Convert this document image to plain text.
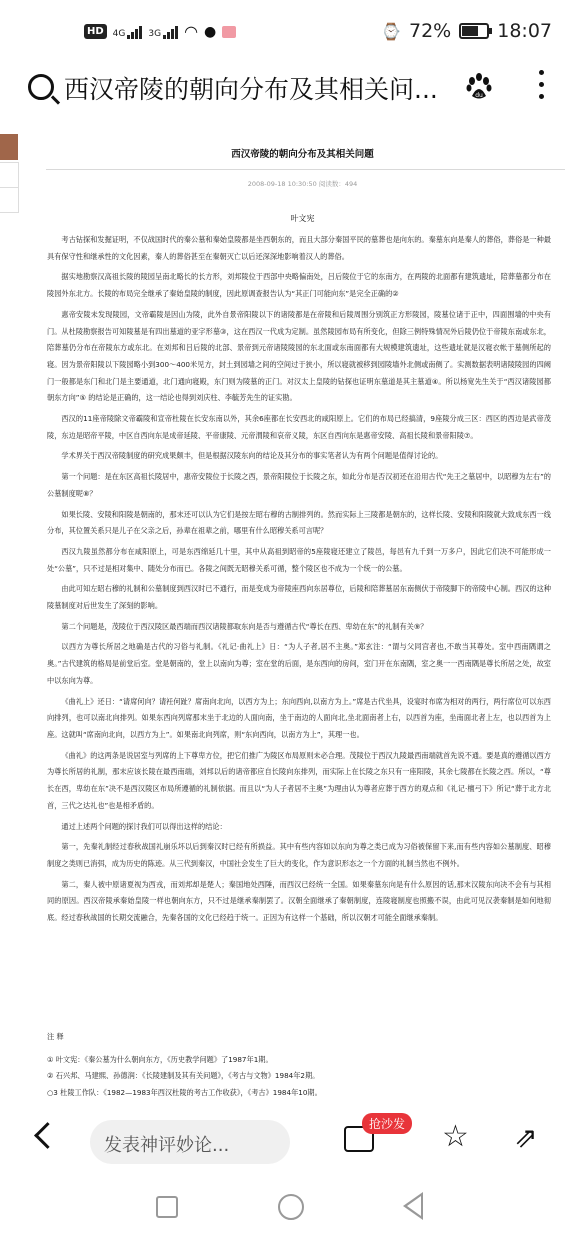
HD	4G	3G ◠ ●	⌚ 72% 18:07
西汉帝陵的朝向分布及其相关问...	du
西汉帝陵的朝向分布及其相关问题
2008-09-18 10:30:50 阅读数：494
叶文宪

考古钻探和发掘证明，不仅战国时代的秦公墓和秦始皇陵都是坐西朝东的，而且大部分秦国平民的墓葬也是向东的。秦墓东向是秦人的葬俗，葬俗是一种最具有保守性和继承性的文化因素，秦人的葬俗甚至在秦朝灭亡以后还深深地影响着汉人的葬俗。

据实地勘察汉高祖长陵的陵园呈南北略长的长方形，刘邦陵位于西部中央略偏南处，吕后陵位于它的东南方，在两陵的北面都有建筑遗址，陪葬墓都分布在陵园外东北方。长陵的布局完全继承了秦始皇陵的制度，因此原调查报告认为“其正门可能向东”是完全正确的②

惠帝安陵未发现陵园，文帝霸陵是因山为陵，此外自景帝阳陵以下的诸陵都是在帝陵和后陵周围分别筑正方形陵园，陵墓位诸于正中，四面围墙的中央有门。从杜陵勘察报告可知陵墓是有四出墓道的亚字形墓③，这在西汉一代成为定制。虽然陵园布局有所变化，但除三例特殊情况外后陵仍位于帝陵东南或东北，陪葬墓仍分布在帝陵东方或东北。在刘邦和吕后陵的北部、景帝到元帝诸陵陵园的东北面或东南面都有大规模建筑遗址，这些遗址就是汉寝衣帐于墓侧所起的寝。因为景帝阳陵以下陵园略小到300～400米见方，封土到园墙之间的空间过于狭小，所以寝就被移到园陵墙外北侧或南侧了。实测数据表明诸陵陵园的四阙门一般都是东门和北门是主要通道，北门通向寝殿，东门则为陵墓的正门。对汉太上皇陵的钻探也证明东墓道是其主墓道④。所以杨宽先生关于“西汉诸陵园都朝东方向”⑤ 的结论是正确的，这一结论也得到刘庆柱、李毓芳先生的证实勘。

西汉的11座帝陵除文帝霸陵和宣帝杜陵在长安东南以外，其余6座都在长安西北的咸阳原上。它们的布局已经搞清，9座陵分成三区：西区的西边是武帝茂陵，东边是昭帝平陵，中区自西向东是成帝延陵、平帝康陵、元帝渭陵和哀帝义陵，东区自西向东是惠帝安陵、高祖长陵和景帝阳陵⑦。

学术界关于西汉帝陵制度的研究成果颇丰，但是根据汉陵东向的结论及其分布的事实笔者认为有两个问题是值得讨论的。

第一个问题：是在东区高祖长陵居中，惠帝安陵位于长陵之西，景帝阳陵位于长陵之东，如此分布是否汉初还在沿用古代“先王之墓居中，以昭穆为左右”的公墓制度呢⑧？

如果长陵、安陵和阳陵是朝南的，那末还可以认为它们是按左昭右穆的古制排列的。然而实际上三陵都是朝东的，这样长陵、安陵和阳陵就大致成东西一线分布，其位置关系只是儿子在父亲之后，孙辈在祖辈之前，哪里有什么昭穆关系可言呢？

西汉九陵虽然都分布在咸阳原上，可是东西绵延几十里，其中从高祖到昭帝的5座陵寝还建立了陵邑，每邑有九千到一万多户，因此它们决不可能形成一处“公墓”，只不过是相对集中、随处分布而已。各陵之间既无昭穆关系可循，整个陵区也不成为一个统一的公墓。

由此可知左昭右穆的礼制和公墓制度到西汉时已不通行，而是变成为帝陵座西向东居尊位，后陵和陪葬墓居东南侧伏于帝陵脚下的帝陵中心制。西汉的这种陵墓制度对后世发生了深刻的影响。

第二个问题是，茂陵位于西汉陵区最西端而西汉诸陵都取东向是否与遵循古代“尊长在西、卑幼在东”的礼制有关⑨？

以西方为尊长所居之地确是古代的习俗与礼制。《礼记·曲礼上》日：“为人子者,居不主奥。”郑玄注：“谓与父同宫者也,不敢当其尊处。室中西南隅谓之奥。”古代建筑的格局是前堂后室。堂是朝南的，堂上以南向为尊；室在堂的后面，是东西向的房间，室门开在东南隅，室之奥一一西南隅是尊长所居之处，故室中以东向为尊。

《曲礼上》还日：“请席何向？请衽何趾？席南向北向，以西方为上；东向西向,以南方为上。”席是古代坐具，设宴时布席为相对的两行，两行席位可以东西向排列，也可以南北向排列。如果东西向列席那末坐于北边的人面向南，坐于南边的人面向北,坐北面南者上右，以西首为座，坐南面北者上左，也以西首为上座。这就叫“席南向北向，以西方为上”。如果南北向列席，则“东向西向，以南方为上”，其理一也。

《曲礼》的这两条是说居室与列席的上下尊卑方位，把它们推广为陵区布局原则未必合理。茂陵位于西汉九陵最西南端就首先说不通。要是真的遵循以西方为尊长所居的礼制，那末应该长陵在最西南端，刘邦以后的诸帝都应自长陵向东排列，而实际上在长陵之东只有一座阳陵，其余七陵都在长陵之西。所以，“尊长在西，卑幼在东”决不是西汉陵区布局所遵循的礼制依据。而且以“为人子者居不主奥”为理由认为尊者应葬于西方的观点和《礼记·檀弓下》所记“葬于北方北首，三代之达礼也”也是相矛盾的。

通过上述两个问题的探讨我们可以得出这样的结论：

第一，先秦礼制经过春秋战国礼崩乐坏以后到秦汉时已经有所损益。其中有些内容如以东向为尊之类已成为习俗被保留下来,而有些内容如公墓制度、昭穆制度之类则已消弭，成为历史的陈迹。从三代到秦汉，中国社会发生了巨大的变化，作为意识形态之一个方面的礼制当然也不例外。

第二，秦人被中原诸夏视为西戎，而刘邦却是楚人；秦国地处西陲，而西汉已经统一全国。如果秦墓东向是有什么原因的话,那末汉陵东向决不会有与其相同的原因。西汉帝陵承秦始皇陵一样也朝向东方，只不过是继承秦制罢了。汉朝全面继承了秦朝制度，连陵寝制度也照搬不误，由此可见汉袭秦制是如何地彻底。经过春秋战国的长期交流融合，先秦各国的文化已经趋于统一。正因为有这样一个基础，所以汉朝才可能全面继承秦制。

注 释
① 叶文宪：《秦公墓为什么朝向东方，《历史教学问题》了1987年1期。
② 石兴邦、马建熙、孙德润：《长陵建制及其有关问题》，《考古与文物》1984年2期。
○3 杜陵工作队：《1982—1983年西汉杜陵的考古工作收获》，《考古》1984年10期。
发表神评妙论...
抢沙发 ☆ ⇗
